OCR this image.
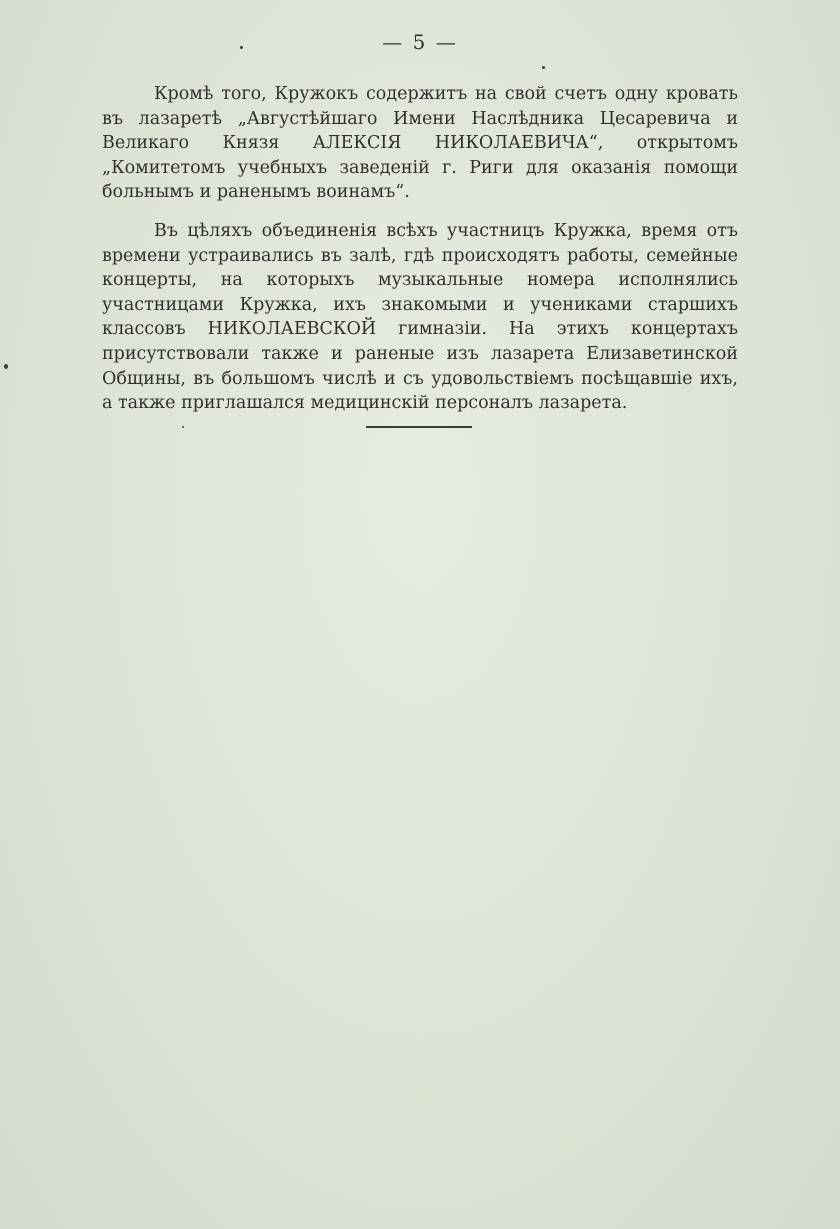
— 5 —

Кромѣ того, Кружокъ содержитъ на свой счетъ одну кровать въ лазаретѣ „Августѣйшаго Имени Наслѣдника Цесаревича и Великаго Князя АЛЕКСІЯ НИКОЛАЕВИЧА“, открытомъ „Комитетомъ учебныхъ заведеній г. Риги для оказанія помощи больнымъ и раненымъ воинамъ“.

Въ цѣляхъ объединенія всѣхъ участницъ Кружка, время отъ времени устраивались въ залѣ, гдѣ происходятъ работы, семейные концерты, на которыхъ музыкальные номера исполнялись участницами Кружка, ихъ знакомыми и учениками старшихъ классовъ НИКОЛАЕВСКОЙ гимназіи. На этихъ концертахъ присутствовали также и раненые изъ лазарета Елизаветинской Общины, въ большомъ числѣ и съ удовольствіемъ посѣщавшіе ихъ, а также приглашался медицинскій персоналъ лазарета.
